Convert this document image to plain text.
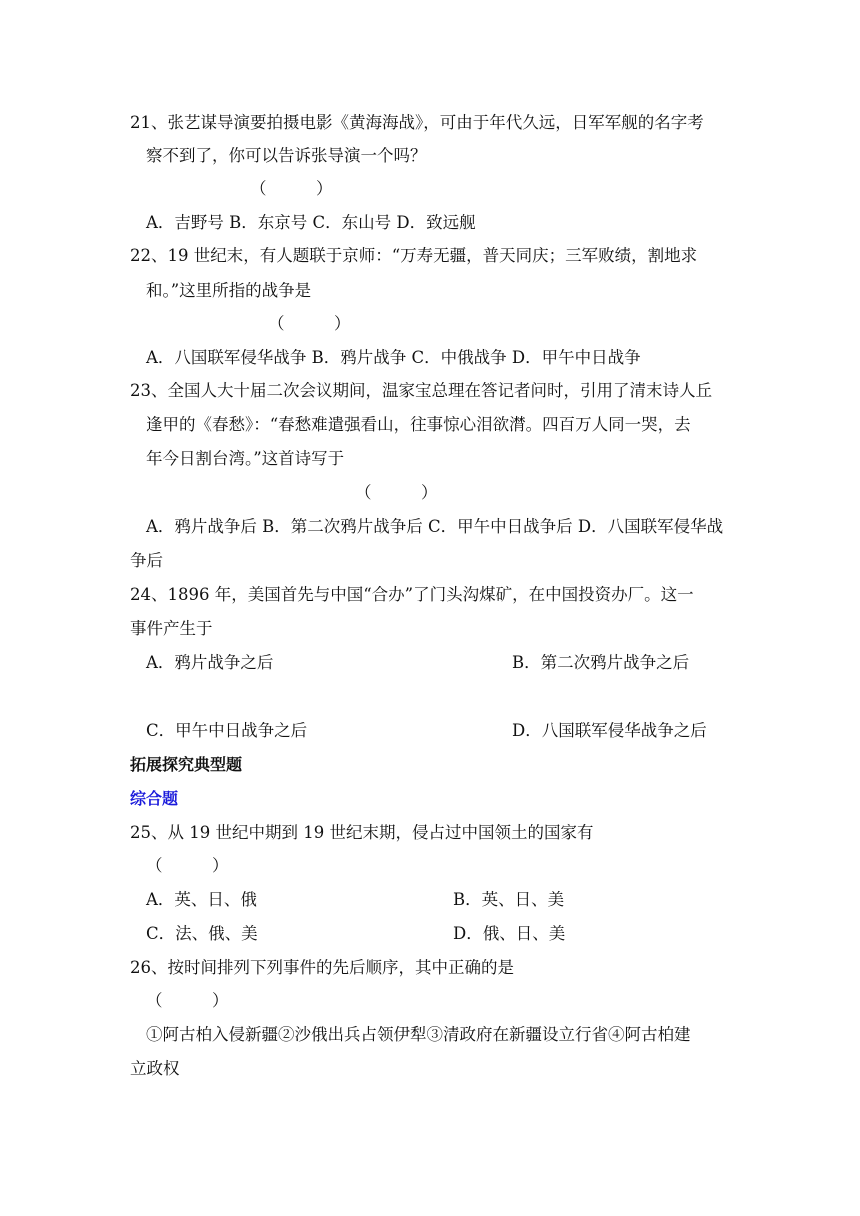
21、张艺谋导演要拍摄电影《黄海海战》，可由于年代久远，日军军舰的名字考
察不到了，你可以告诉张导演一个吗？
（　　　）
A．吉野号 B．东京号 C．东山号 D．致远舰
22、19 世纪末，有人题联于京师：“万寿无疆，普天同庆；三军败绩，割地求
和。”这里所指的战争是
（　　　）
A．八国联军侵华战争 B．鸦片战争 C．中俄战争 D．甲午中日战争
23、全国人大十届二次会议期间，温家宝总理在答记者问时，引用了清末诗人丘
逢甲的《春愁》：“春愁难遣强看山，往事惊心泪欲潸。四百万人同一哭，去
年今日割台湾。”这首诗写于
（　　　）
A．鸦片战争后 B．第二次鸦片战争后 C．甲午中日战争后 D．八国联军侵华战
争后
24、1896 年，美国首先与中国“合办”了门头沟煤矿，在中国投资办厂。这一
事件产生于
A．鸦片战争之后	B．第二次鸦片战争之后
C．甲午中日战争之后	D．八国联军侵华战争之后
拓展探究典型题
综合题
25、从 19 世纪中期到 19 世纪末期，侵占过中国领土的国家有
（　　　）
A．英、日、俄	B．英、日、美
C．法、俄、美	D．俄、日、美
26、按时间排列下列事件的先后顺序，其中正确的是
（　　　）
①阿古柏入侵新疆②沙俄出兵占领伊犁③清政府在新疆设立行省④阿古柏建
立政权
